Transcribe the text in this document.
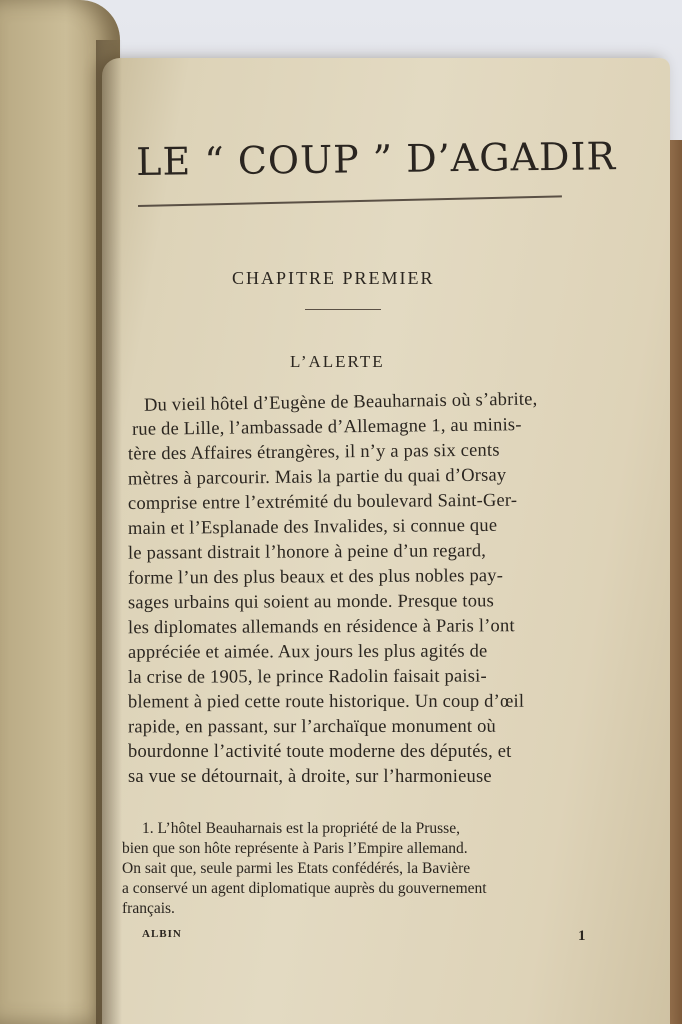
LE “ COUP ” D’AGADIR
CHAPITRE PREMIER
L’ALERTE
Du vieil hôtel d’Eugène de Beauharnais où s’abrite,
rue de Lille, l’ambassade d’Allemagne 1, au minis-
tère des Affaires étrangères, il n’y a pas six cents
mètres à parcourir. Mais la partie du quai d’Orsay
comprise entre l’extrémité du boulevard Saint-Ger-
main et l’Esplanade des Invalides, si connue que
le passant distrait l’honore à peine d’un regard,
forme l’un des plus beaux et des plus nobles pay-
sages urbains qui soient au monde. Presque tous
les diplomates allemands en résidence à Paris l’ont
appréciée et aimée. Aux jours les plus agités de
la crise de 1905, le prince Radolin faisait paisi-
blement à pied cette route historique. Un coup d’œil
rapide, en passant, sur l’archaïque monument où
bourdonne l’activité toute moderne des députés, et
sa vue se détournait, à droite, sur l’harmonieuse
1. L’hôtel Beauharnais est la propriété de la Prusse,
bien que son hôte représente à Paris l’Empire allemand.
On sait que, seule parmi les Etats confédérés, la Bavière
a conservé un agent diplomatique auprès du gouvernement
français.
ALBIN	1
